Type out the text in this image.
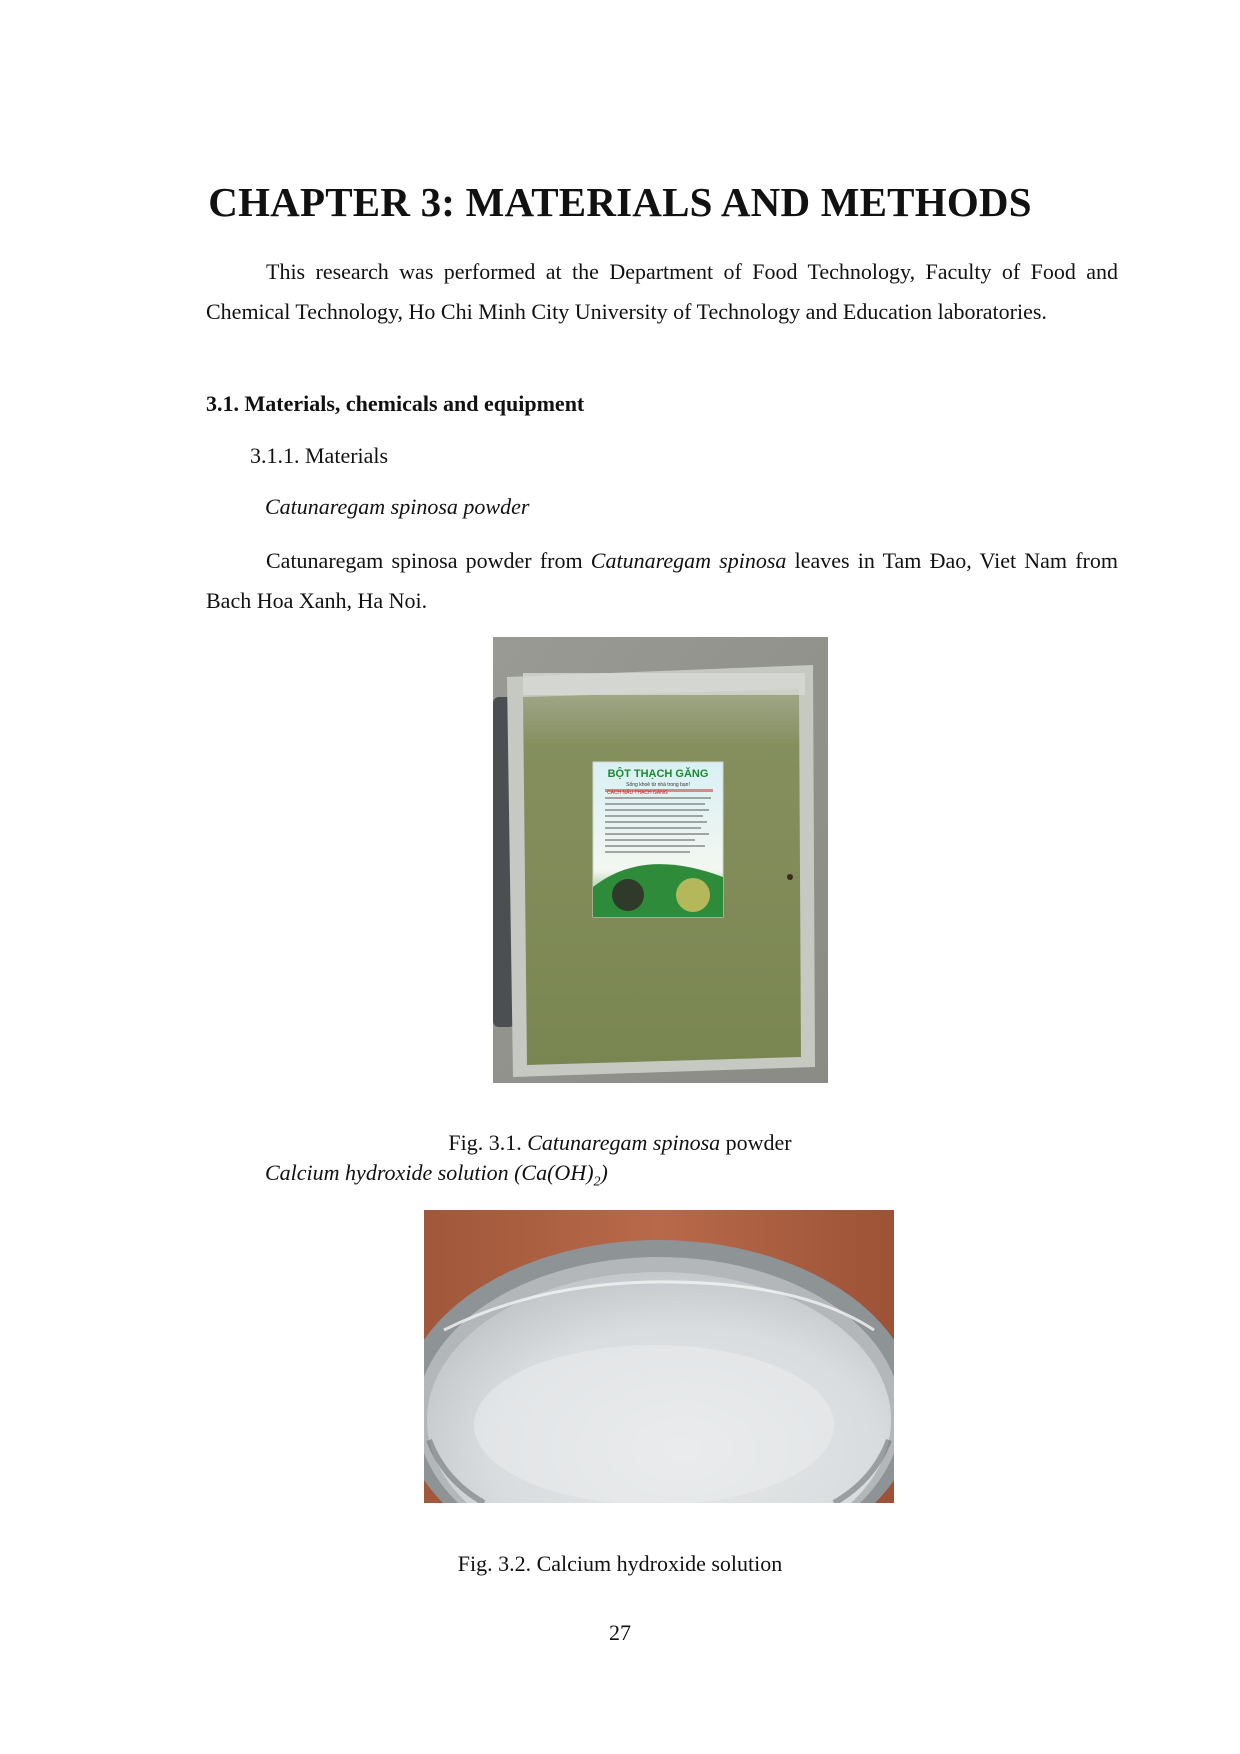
CHAPTER 3: MATERIALS AND METHODS

This research was performed at the Department of Food Technology, Faculty of Food and Chemical Technology, Ho Chi Minh City University of Technology and Education laboratories.

3.1. Materials, chemicals and equipment

3.1.1. Materials

Catunaregam spinosa powder

Catunaregam spinosa powder from Catunaregam spinosa leaves in Tam Đao, Viet Nam from Bach Hoa Xanh, Ha Noi.

BỘT THẠCH GĂNG
Sống khoẻ từ nhà trong bạn!
CÁCH NẤU THẠCH GĂNG

Fig. 3.1. Catunaregam spinosa powder

Calcium hydroxide solution $(Ca(OH)_2)$

Fig. 3.2. Calcium hydroxide solution

27
